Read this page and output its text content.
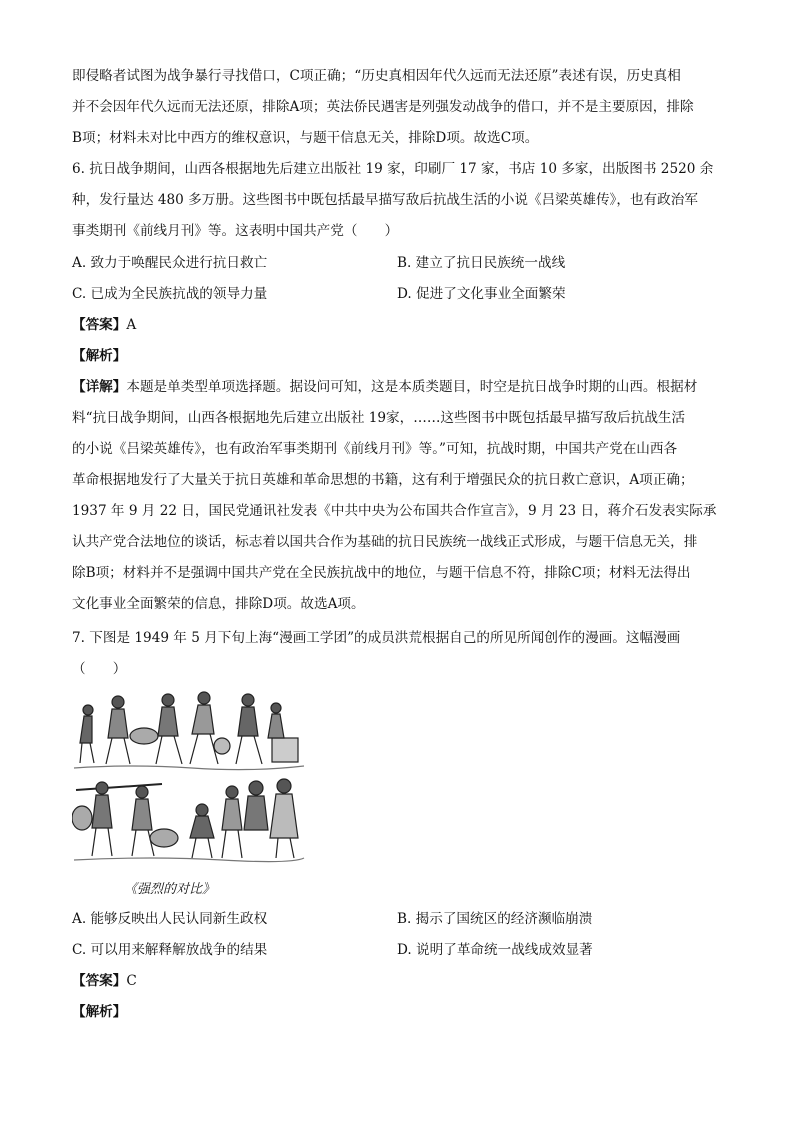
即侵略者试图为战争暴行寻找借口，C项正确；“历史真相因年代久远而无法还原”表述有误，历史真相
并不会因年代久远而无法还原，排除A项；英法侨民遇害是列强发动战争的借口，并不是主要原因，排除
B项；材料未对比中西方的维权意识，与题干信息无关，排除D项。故选C项。
6. 抗日战争期间，山西各根据地先后建立出版社 19 家，印刷厂 17 家，书店 10 多家，出版图书 2520 余
种，发行量达 480 多万册。这些图书中既包括最早描写敌后抗战生活的小说《吕梁英雄传》，也有政治军
事类期刊《前线月刊》等。这表明中国共产党（　　）
A. 致力于唤醒民众进行抗日救亡	B. 建立了抗日民族统一战线
C. 已成为全民族抗战的领导力量	D. 促进了文化事业全面繁荣
【答案】A
【解析】
【详解】本题是单类型单项选择题。据设问可知，这是本质类题目，时空是抗日战争时期的山西。根据材
料“抗日战争期间，山西各根据地先后建立出版社 19家，……这些图书中既包括最早描写敌后抗战生活
的小说《吕梁英雄传》，也有政治军事类期刊《前线月刊》等。”可知，抗战时期，中国共产党在山西各
革命根据地发行了大量关于抗日英雄和革命思想的书籍，这有利于增强民众的抗日救亡意识，A项正确；
1937 年 9 月 22 日，国民党通讯社发表《中共中央为公布国共合作宣言》，9 月 23 日，蒋介石发表实际承
认共产党合法地位的谈话，标志着以国共合作为基础的抗日民族统一战线正式形成，与题干信息无关，排
除B项；材料并不是强调中国共产党在全民族抗战中的地位，与题干信息不符，排除C项；材料无法得出
文化事业全面繁荣的信息，排除D项。故选A项。
7. 下图是 1949 年 5 月下旬上海“漫画工学团”的成员洪荒根据自己的所见所闻创作的漫画。这幅漫画
（　　）
《强烈的对比》
A. 能够反映出人民认同新生政权	B. 揭示了国统区的经济濒临崩溃
C. 可以用来解释解放战争的结果	D. 说明了革命统一战线成效显著
【答案】C
【解析】
